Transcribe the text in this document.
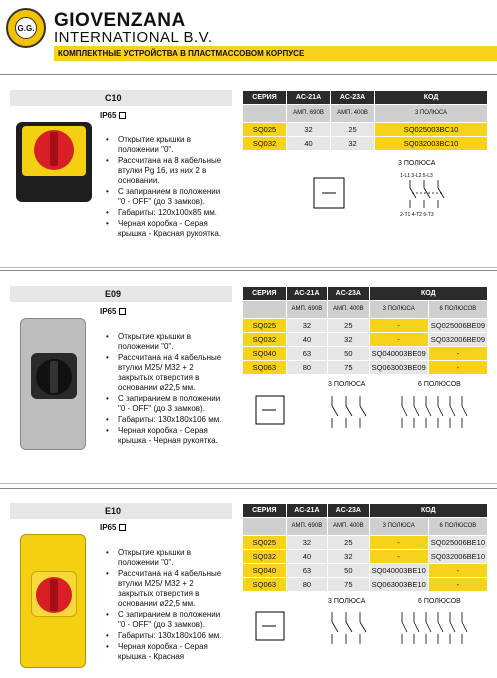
G.G. GIOVENZANA
INTERNATIONAL B.V.
КОМПЛЕКТНЫЕ УСТРОЙСТВА В ПЛАСТМАССОВОМ КОРПУСЕ
C10
IP65
• Открытие крышки в положении "0".
• Рассчитана на 8 кабельные втулки Pg 16, из них 2 в основании.
• С запиранием в положении "0 - OFF" (до 3 замков).
• Габариты: 120x100x85 мм.
• Черная коробка - Серая крышка - Красная рукоятка.
СЕРИЯ	AC-21A	AC-23A	КОД
	АМП. 690В	АМП. 400В	3 ПОЛЮСА
SQ025	32	25	SQ025003BC10
SQ032	40	32	SQ032003BC10
3 ПОЛЮСА
1-L1 3-L2 5-L3
2-T1 4-T2 6-T3
E09
IP65
• Открытие крышки в положении "0".
• Рассчитана на 4 кабельные втулки M25/ M32 + 2 закрытых отверстия в основании ø22,5 мм.
• С запиранием в положении "0 - OFF" (до 3 замков).
• Габариты: 130x180x106 мм.
• Черная коробка - Серая крышка - Черная рукоятка.
СЕРИЯ	AC-21A	AC-23A	КОД	
	АМП. 690В	АМП. 400В	3 ПОЛЮСА	6 ПОЛЮСОВ
SQ025	32	25	-	SQ025006BE09
SQ032	40	32	-	SQ032006BE09
SQ040	63	50	SQ040003BE09	-
SQ063	80	75	SQ063003BE09	-
3 ПОЛЮСА	6 ПОЛЮСОВ
E10
IP65
• Открытие крышки в положении "0".
• Рассчитана на 4 кабельные втулки M25/ M32 + 2 закрытых отверстия в основании ø22,5 мм.
• С запиранием в положении "0 - OFF" (до 3 замков).
• Габариты: 130x180x106 мм.
• Черная коробка - Серая крышка - Красная
СЕРИЯ	AC-21A	AC-23A	КОД	
	АМП. 690В	АМП. 400В	3 ПОЛЮСА	6 ПОЛЮСОВ
SQ025	32	25	-	SQ025006BE10
SQ032	40	32	-	SQ032006BE10
SQ040	63	50	SQ040003BE10	-
SQ063	80	75	SQ063003BE10	-
3 ПОЛЮСА	6 ПОЛЮСОВ
